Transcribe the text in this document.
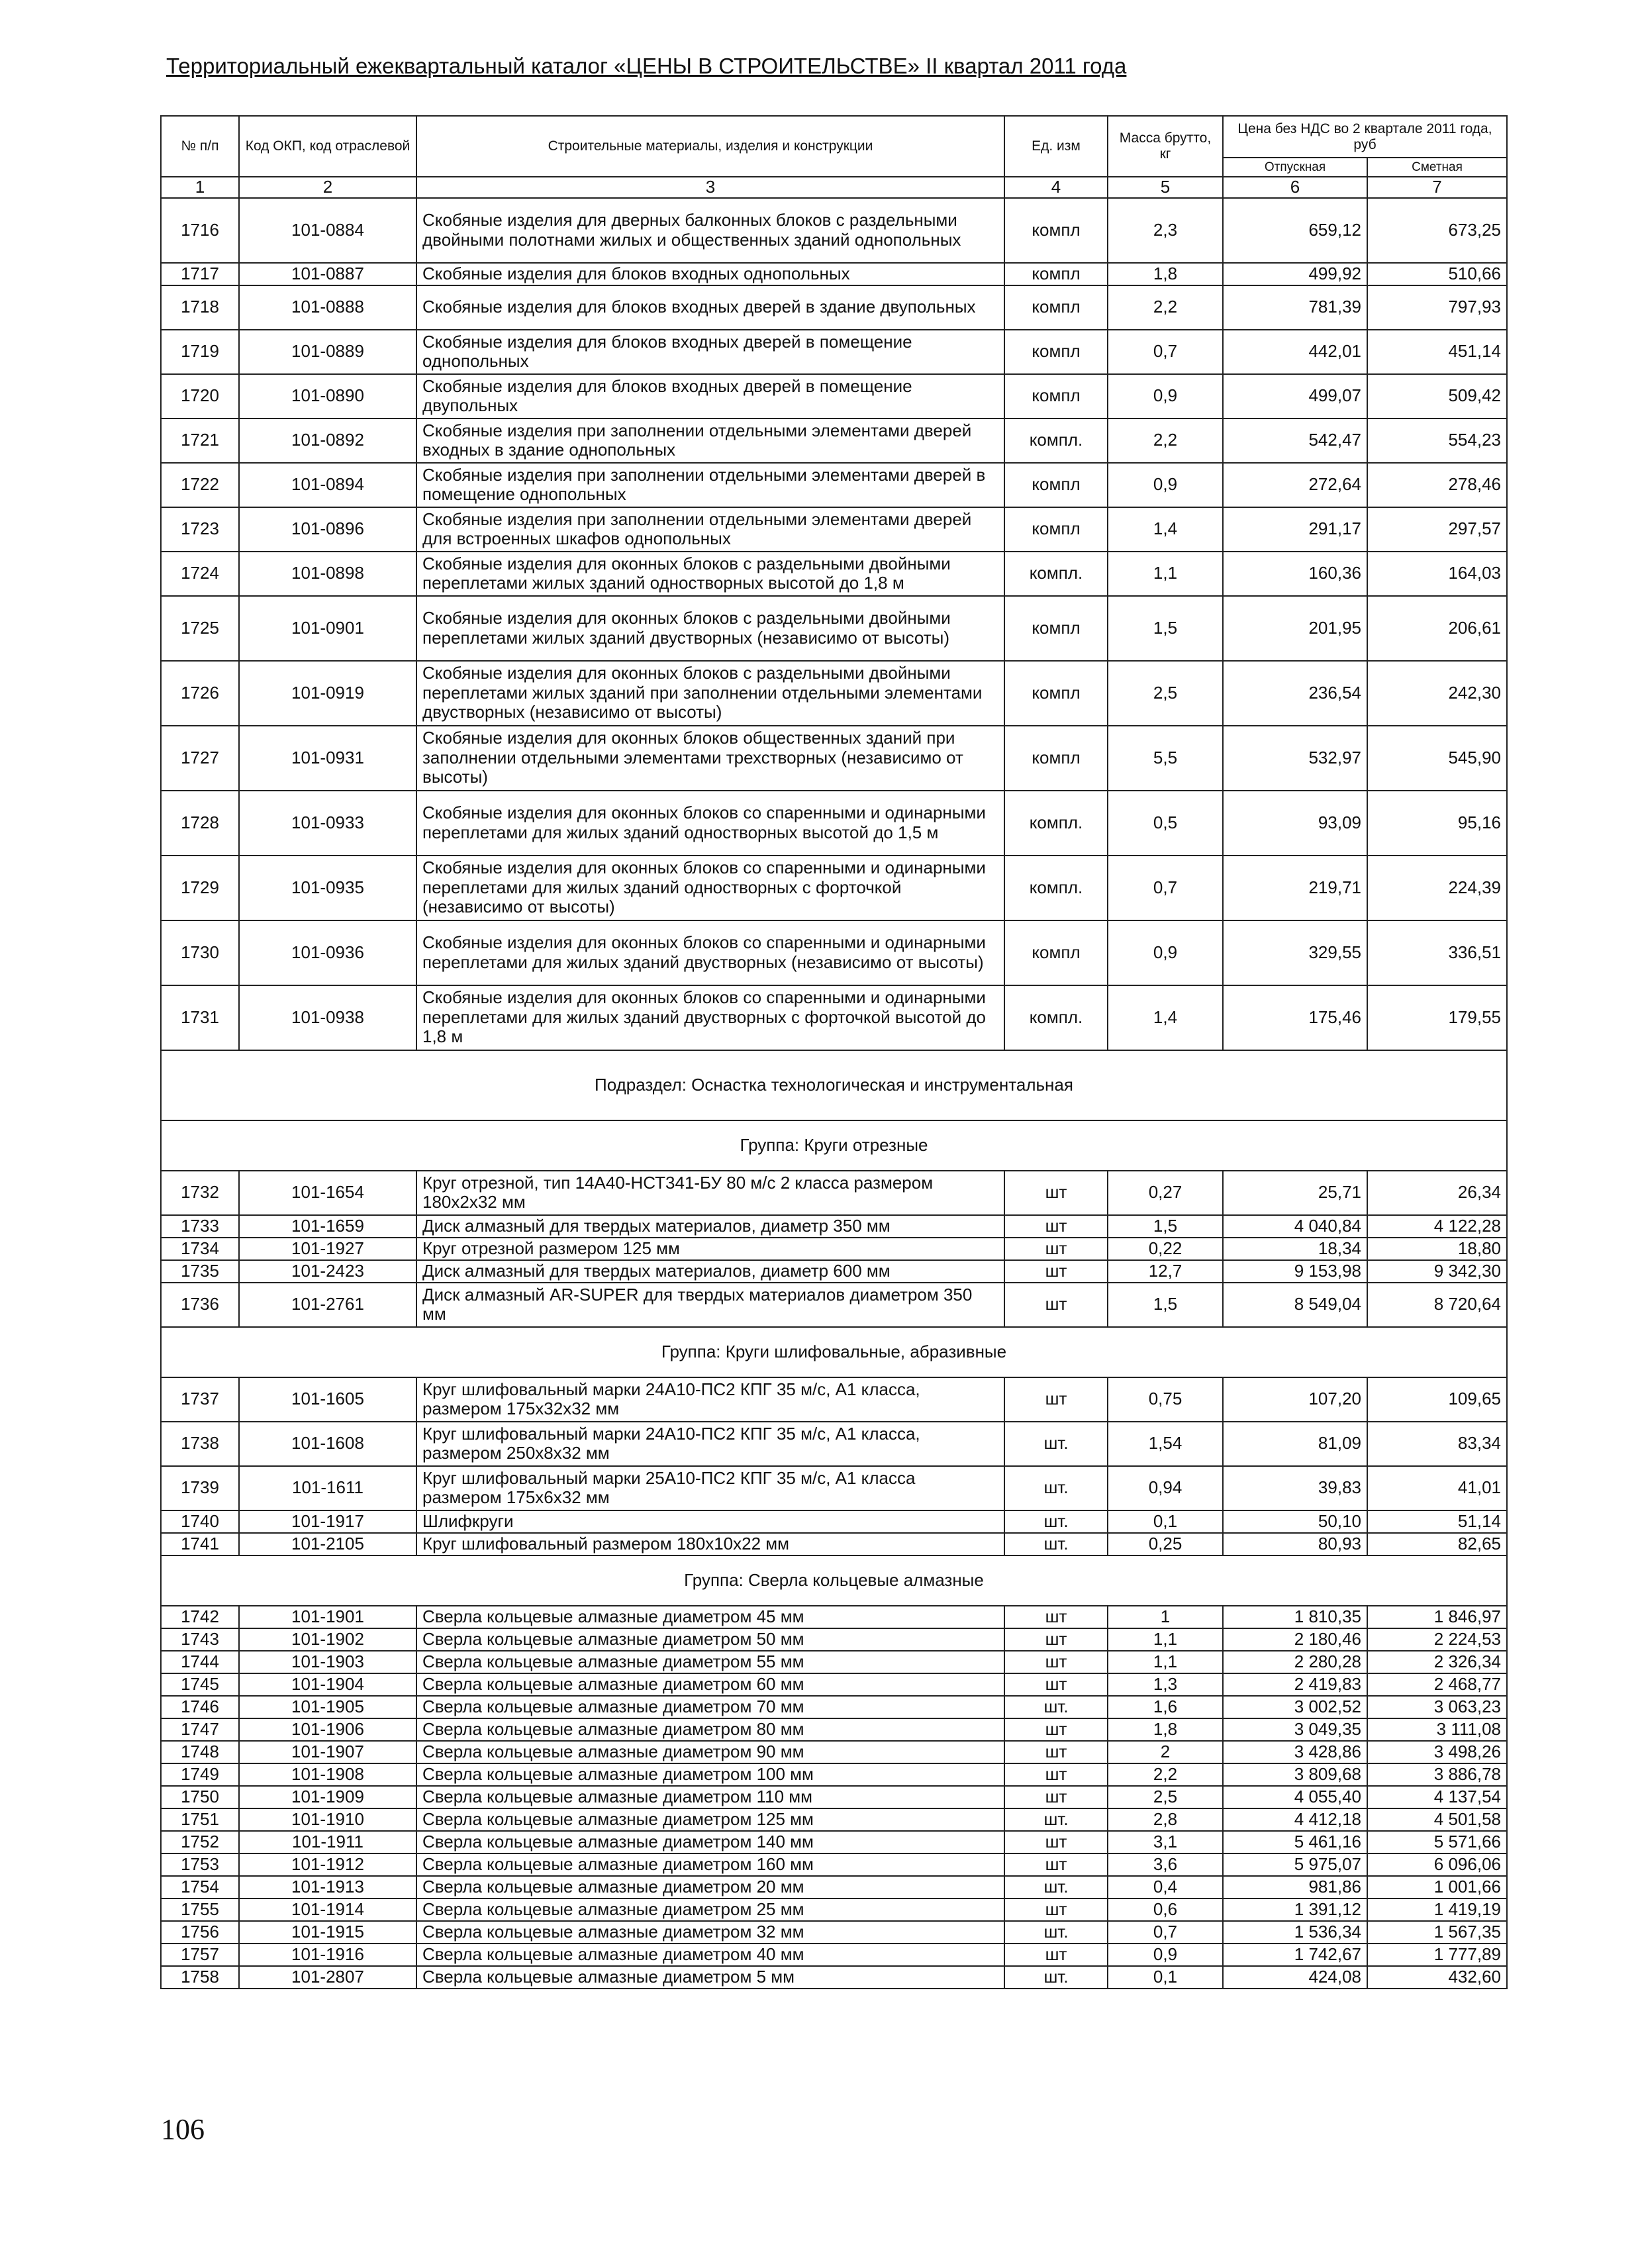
Территориальный ежеквартальный каталог «ЦЕНЫ В СТРОИТЕЛЬСТВЕ» II квартал 2011 года
№ п/п	Код ОКП, код отраслевой	Строительные материалы, изделия и конструкции	Ед. изм	Масса брутто, кг	Цена без НДС во 2 квартале 2011 года, руб	
					Отпускная	Сметная
1	2	3	4	5	6	7
1716	101-0884	Скобяные изделия для дверных балконных блоков с раздельными двойными полотнами жилых и общественных зданий однопольных	компл	2,3	659,12	673,25
1717	101-0887	Скобяные изделия для блоков входных однопольных	компл	1,8	499,92	510,66
1718	101-0888	Скобяные изделия для блоков входных дверей в здание двупольных	компл	2,2	781,39	797,93
1719	101-0889	Скобяные изделия для блоков входных дверей в помещение однопольных	компл	0,7	442,01	451,14
1720	101-0890	Скобяные изделия для блоков входных дверей в помещение двупольных	компл	0,9	499,07	509,42
1721	101-0892	Скобяные изделия при заполнении отдельными элементами дверей входных в здание однопольных	компл.	2,2	542,47	554,23
1722	101-0894	Скобяные изделия при заполнении отдельными элементами дверей в помещение однопольных	компл	0,9	272,64	278,46
1723	101-0896	Скобяные изделия при заполнении отдельными элементами дверей для встроенных шкафов однопольных	компл	1,4	291,17	297,57
1724	101-0898	Скобяные изделия для оконных блоков с раздельными двойными переплетами жилых зданий одностворных высотой до 1,8 м	компл.	1,1	160,36	164,03
1725	101-0901	Скобяные изделия для оконных блоков с раздельными двойными переплетами жилых зданий двустворных (независимо от высоты)	компл	1,5	201,95	206,61
1726	101-0919	Скобяные изделия для оконных блоков с раздельными двойными переплетами жилых зданий при заполнении отдельными элементами двустворных (независимо от высоты)	компл	2,5	236,54	242,30
1727	101-0931	Скобяные изделия для оконных блоков общественных зданий при заполнении отдельными элементами трехстворных (независимо от высоты)	компл	5,5	532,97	545,90
1728	101-0933	Скобяные изделия для оконных блоков со спаренными и одинарными переплетами для жилых зданий одностворных высотой до 1,5 м	компл.	0,5	93,09	95,16
1729	101-0935	Скобяные изделия для оконных блоков со спаренными и одинарными переплетами для жилых зданий одностворных с форточкой (независимо от высоты)	компл.	0,7	219,71	224,39
1730	101-0936	Скобяные изделия для оконных блоков со спаренными и одинарными переплетами для жилых зданий двустворных (независимо от высоты)	компл	0,9	329,55	336,51
1731	101-0938	Скобяные изделия для оконных блоков со спаренными и одинарными переплетами для жилых зданий двустворных с форточкой высотой до 1,8 м	компл.	1,4	175,46	179,55
Подраздел: Оснастка технологическая и инструментальная						
Группа: Круги отрезные						
1732	101-1654	Круг отрезной, тип 14А40-НСТ341-БУ 80 м/с 2 класса размером 180х2х32 мм	шт	0,27	25,71	26,34
1733	101-1659	Диск алмазный для твердых материалов, диаметр 350 мм	шт	1,5	4 040,84	4 122,28
1734	101-1927	Круг отрезной размером 125 мм	шт	0,22	18,34	18,80
1735	101-2423	Диск алмазный для твердых материалов, диаметр 600 мм	шт	12,7	9 153,98	9 342,30
1736	101-2761	Диск алмазный AR-SUPER для твердых материалов диаметром 350 мм	шт	1,5	8 549,04	8 720,64
Группа: Круги шлифовальные, абразивные						
1737	101-1605	Круг шлифовальный марки 24А10-ПС2 КПГ 35 м/с, А1 класса, размером 175х32х32 мм	шт	0,75	107,20	109,65
1738	101-1608	Круг шлифовальный марки 24А10-ПС2 КПГ 35 м/с, А1 класса, размером 250х8х32 мм	шт.	1,54	81,09	83,34
1739	101-1611	Круг шлифовальный марки 25А10-ПС2 КПГ 35 м/с, А1 класса размером 175х6х32 мм	шт.	0,94	39,83	41,01
1740	101-1917	Шлифкруги	шт.	0,1	50,10	51,14
1741	101-2105	Круг шлифовальный размером 180х10х22 мм	шт.	0,25	80,93	82,65
Группа: Сверла кольцевые алмазные						
1742	101-1901	Сверла кольцевые алмазные диаметром 45 мм	шт	1	1 810,35	1 846,97
1743	101-1902	Сверла кольцевые алмазные диаметром 50 мм	шт	1,1	2 180,46	2 224,53
1744	101-1903	Сверла кольцевые алмазные диаметром 55 мм	шт	1,1	2 280,28	2 326,34
1745	101-1904	Сверла кольцевые алмазные диаметром 60 мм	шт	1,3	2 419,83	2 468,77
1746	101-1905	Сверла кольцевые алмазные диаметром 70 мм	шт.	1,6	3 002,52	3 063,23
1747	101-1906	Сверла кольцевые алмазные диаметром 80 мм	шт	1,8	3 049,35	3 111,08
1748	101-1907	Сверла кольцевые алмазные диаметром 90 мм	шт	2	3 428,86	3 498,26
1749	101-1908	Сверла кольцевые алмазные диаметром 100 мм	шт	2,2	3 809,68	3 886,78
1750	101-1909	Сверла кольцевые алмазные диаметром 110 мм	шт	2,5	4 055,40	4 137,54
1751	101-1910	Сверла кольцевые алмазные диаметром 125 мм	шт.	2,8	4 412,18	4 501,58
1752	101-1911	Сверла кольцевые алмазные диаметром 140 мм	шт	3,1	5 461,16	5 571,66
1753	101-1912	Сверла кольцевые алмазные диаметром 160 мм	шт	3,6	5 975,07	6 096,06
1754	101-1913	Сверла кольцевые алмазные диаметром 20 мм	шт.	0,4	981,86	1 001,66
1755	101-1914	Сверла кольцевые алмазные диаметром 25 мм	шт	0,6	1 391,12	1 419,19
1756	101-1915	Сверла кольцевые алмазные диаметром 32 мм	шт.	0,7	1 536,34	1 567,35
1757	101-1916	Сверла кольцевые алмазные диаметром 40 мм	шт	0,9	1 742,67	1 777,89
1758	101-2807	Сверла кольцевые алмазные диаметром 5 мм	шт.	0,1	424,08	432,60
106
